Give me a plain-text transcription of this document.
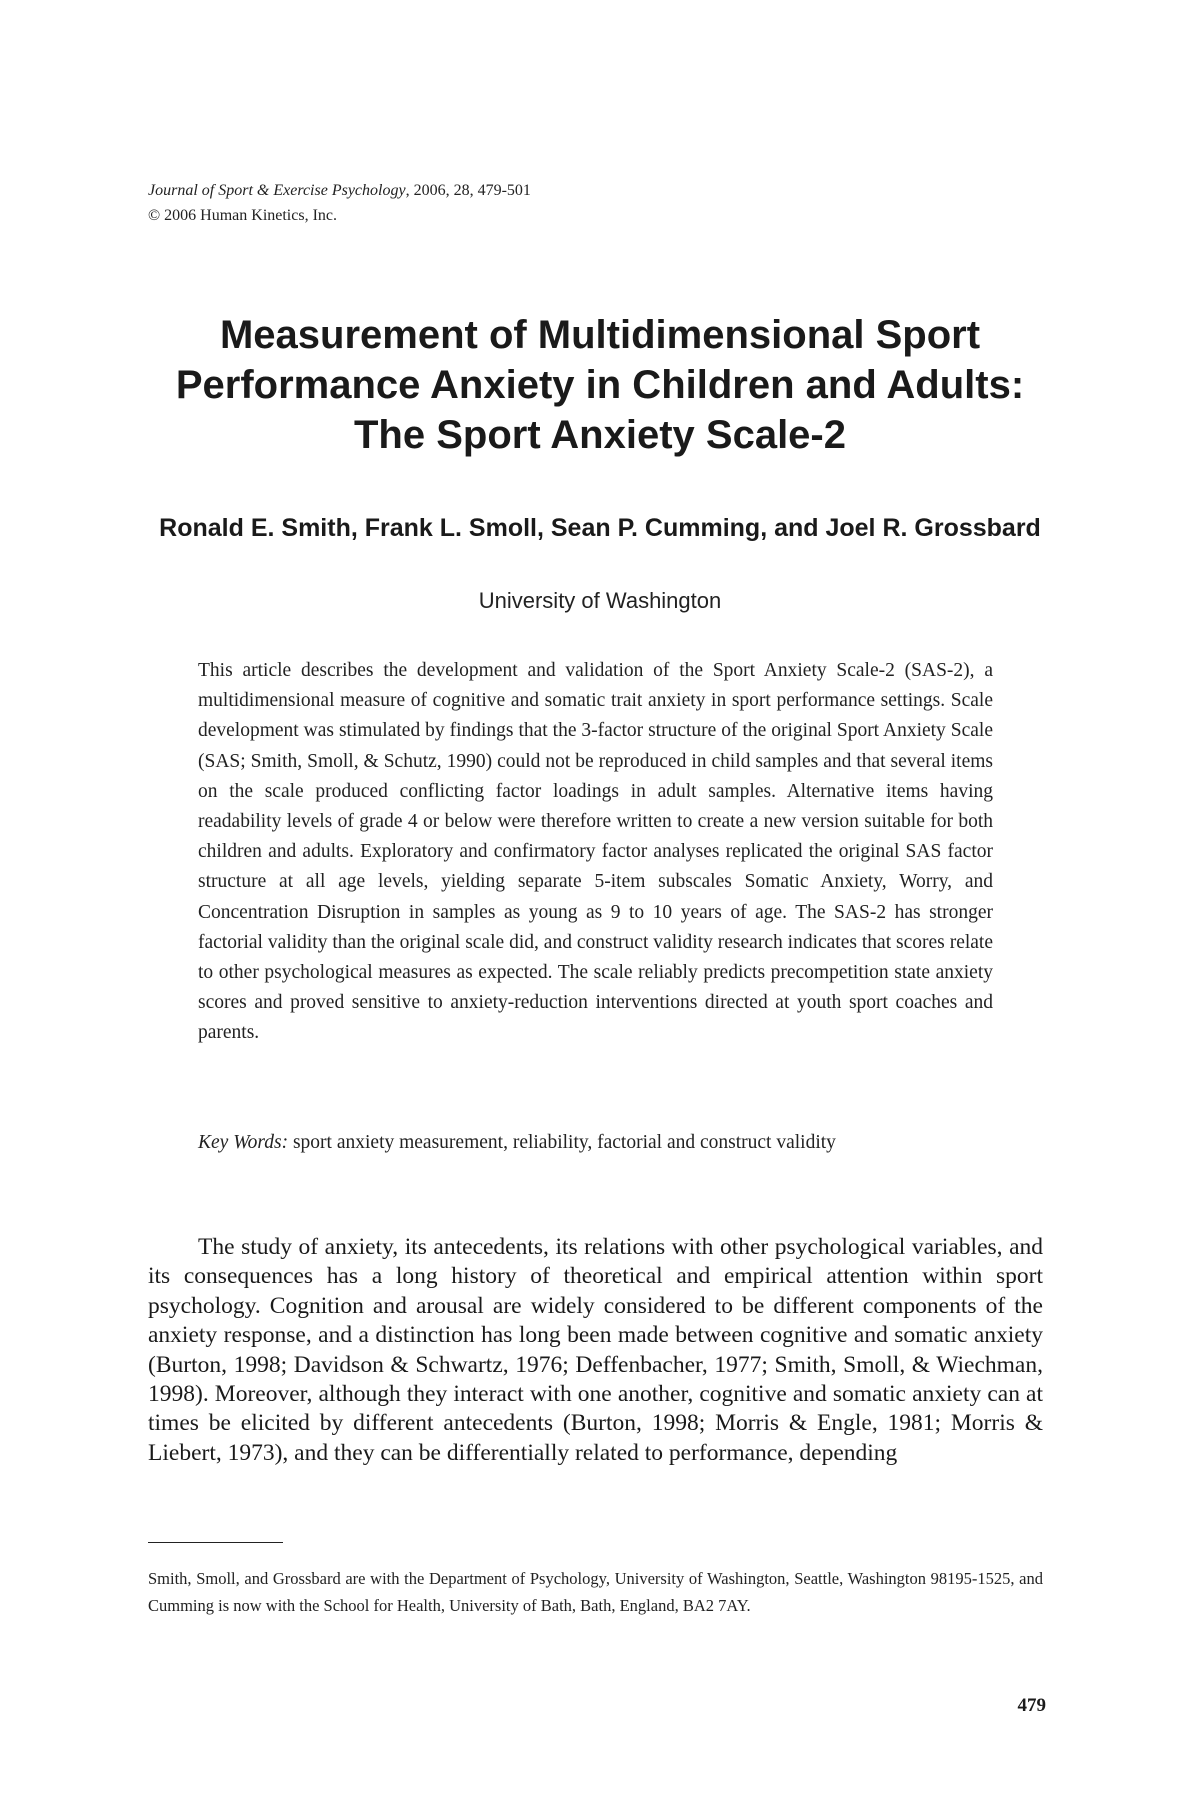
Journal of Sport & Exercise Psychology, 2006, 28, 479-501
© 2006 Human Kinetics, Inc.
Measurement of Multidimensional Sport Performance Anxiety in Children and Adults: The Sport Anxiety Scale-2
Ronald E. Smith, Frank L. Smoll, Sean P. Cumming, and Joel R. Grossbard
University of Washington

This article describes the development and validation of the Sport Anxiety Scale-2 (SAS-2), a multidimensional measure of cognitive and somatic trait anxiety in sport performance settings. Scale development was stimulated by findings that the 3-factor structure of the original Sport Anxiety Scale (SAS; Smith, Smoll, & Schutz, 1990) could not be reproduced in child samples and that several items on the scale produced conflicting factor loadings in adult samples. Alternative items having readability levels of grade 4 or below were therefore written to create a new version suitable for both children and adults. Exploratory and confirmatory factor analyses replicated the original SAS factor structure at all age levels, yielding separate 5-item subscales Somatic Anxiety, Worry, and Concentration Disruption in samples as young as 9 to 10 years of age. The SAS-2 has stronger factorial validity than the original scale did, and construct validity research indicates that scores relate to other psychological measures as expected. The scale reliably predicts precompetition state anxiety scores and proved sensitive to anxiety-reduction interventions directed at youth sport coaches and parents.

Key Words: sport anxiety measurement, reliability, factorial and construct validity

The study of anxiety, its antecedents, its relations with other psychological variables, and its consequences has a long history of theoretical and empirical attention within sport psychology. Cognition and arousal are widely considered to be different components of the anxiety response, and a distinction has long been made between cognitive and somatic anxiety (Burton, 1998; Davidson & Schwartz, 1976; Deffenbacher, 1977; Smith, Smoll, & Wiechman, 1998). Moreover, although they interact with one another, cognitive and somatic anxiety can at times be elicited by different antecedents (Burton, 1998; Morris & Engle, 1981; Morris & Liebert, 1973), and they can be differentially related to performance, depending

Smith, Smoll, and Grossbard are with the Department of Psychology, University of Washington, Seattle, Washington 98195-1525, and Cumming is now with the School for Health, University of Bath, Bath, England, BA2 7AY.

479
